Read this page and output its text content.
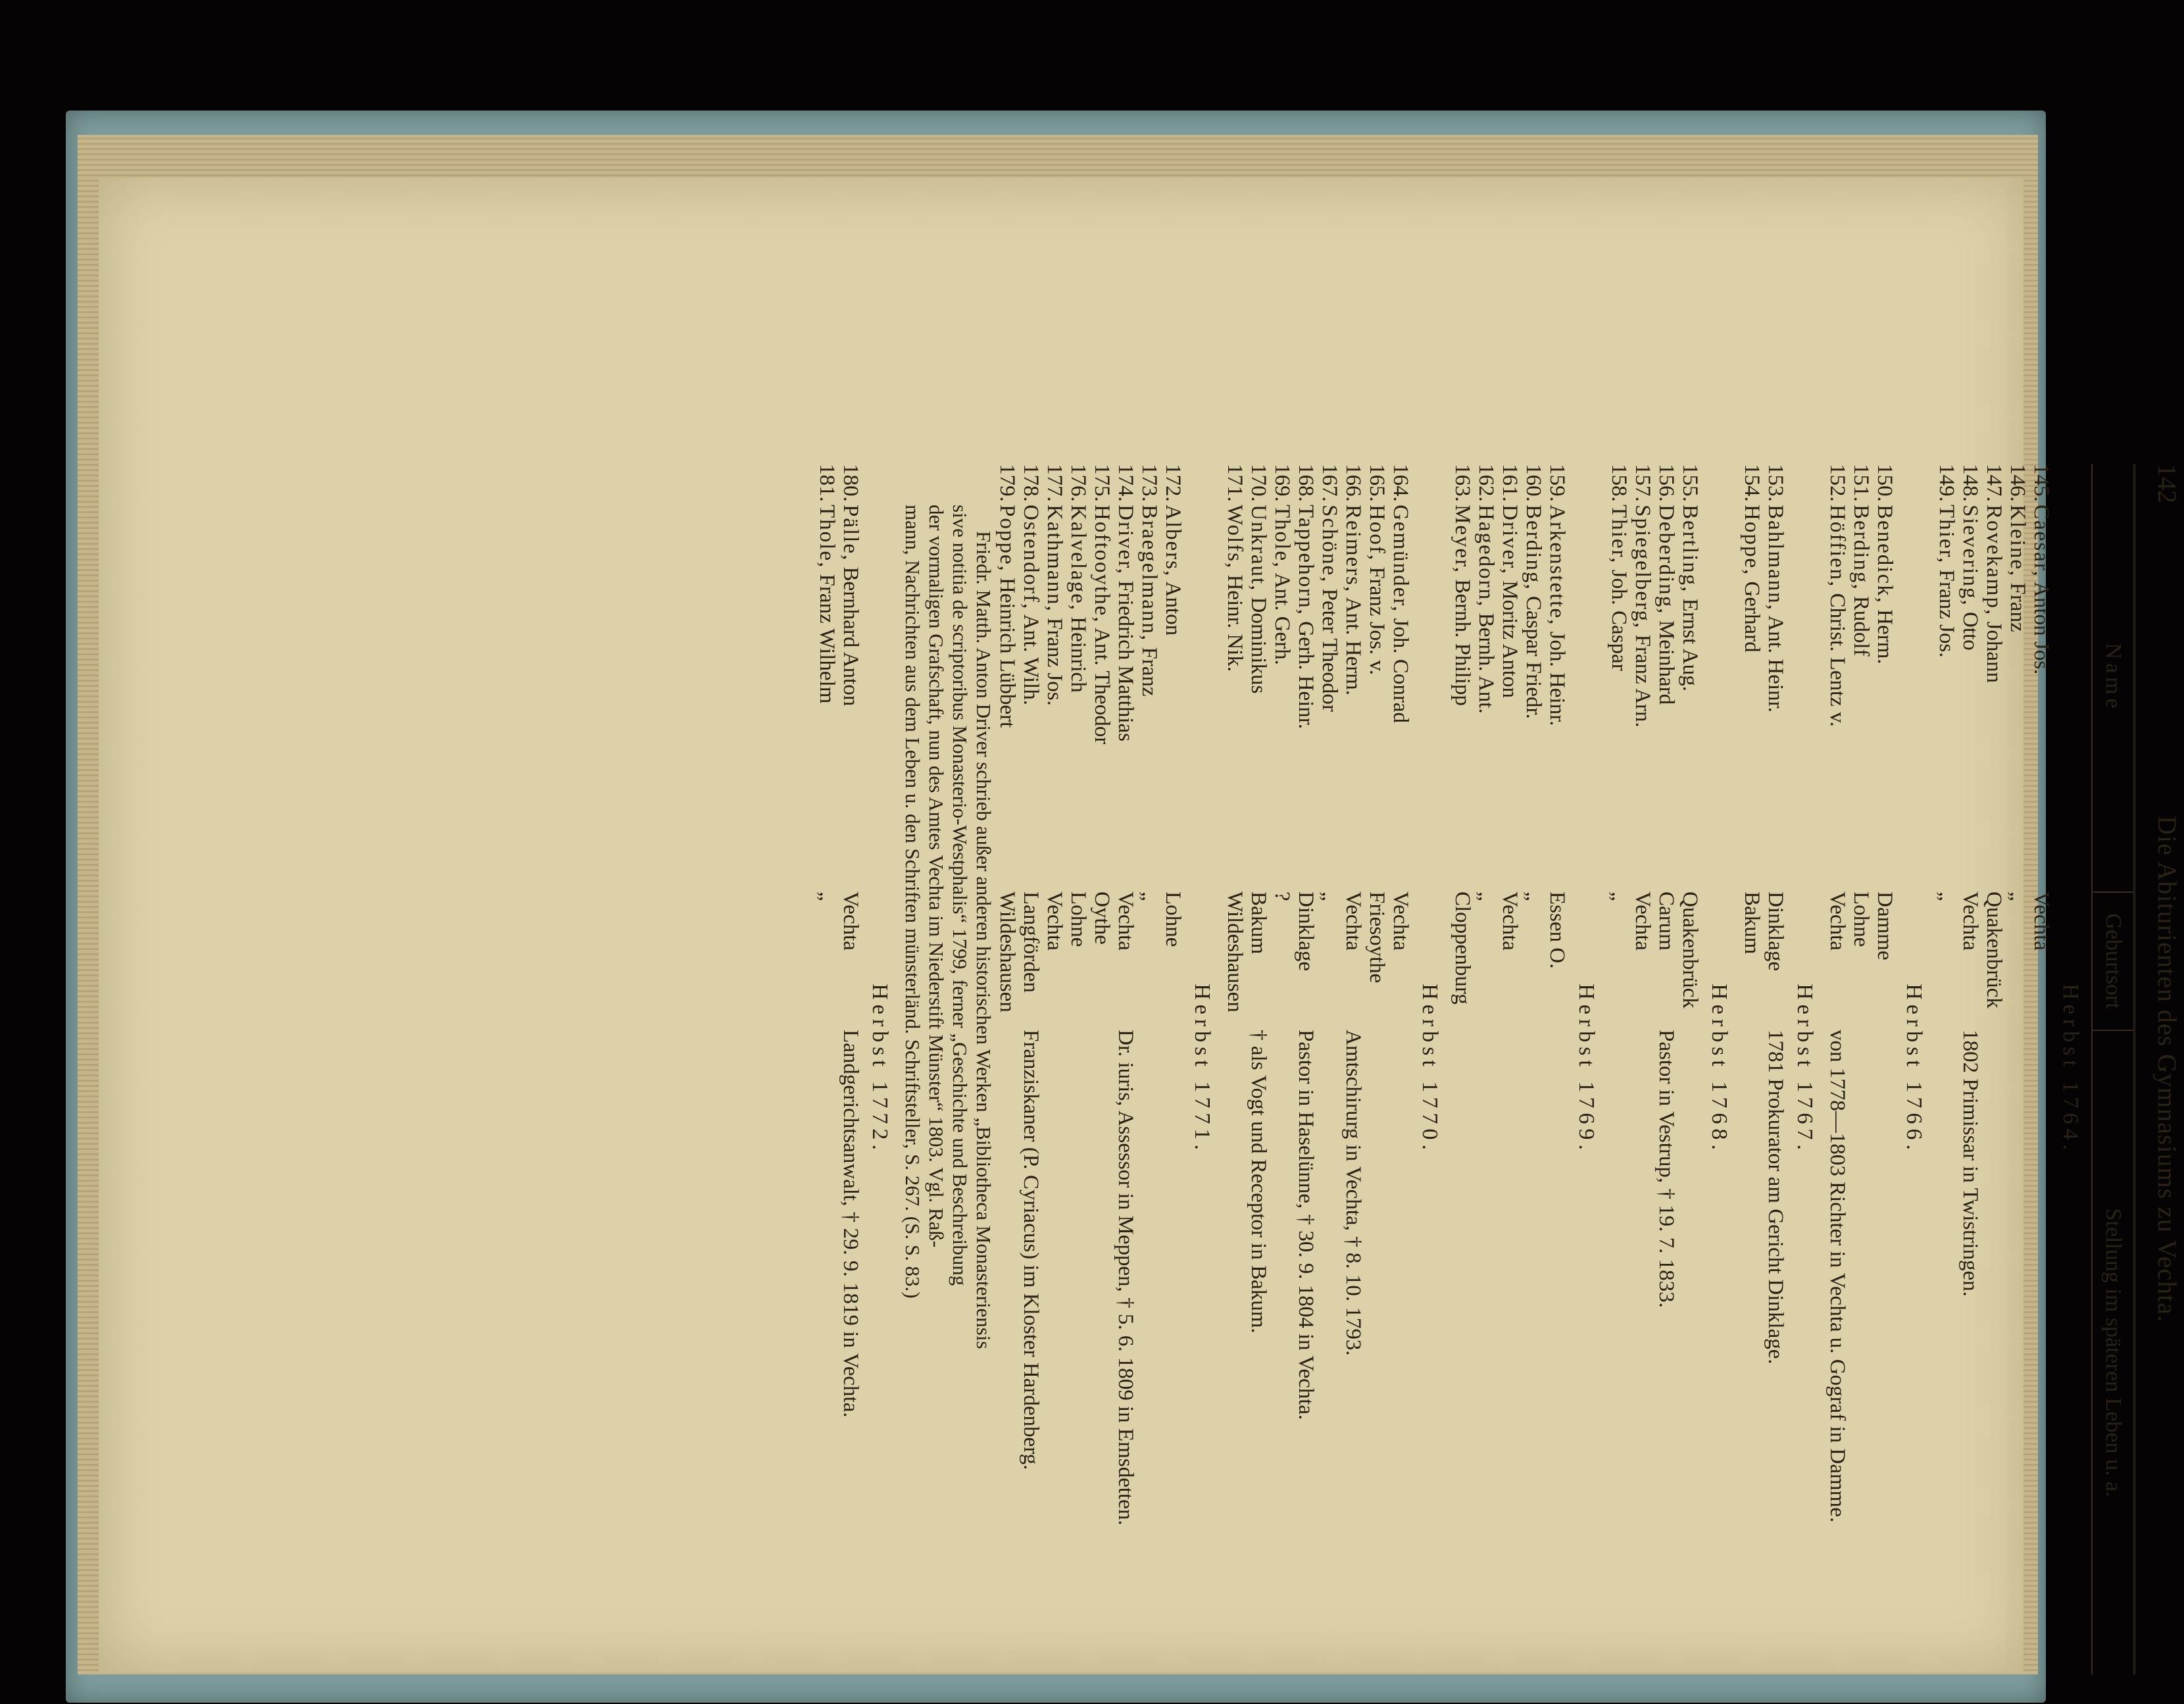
142
Die Abiturienten des Gymnasiums zu Vechta.
Name
Geburtsort
Stellung im späteren Leben u. a.
Herbst 1764.
145.Caesar, Anton Jos.
Vechta
146.Kleine, Franz
„
147.Rovekamp, Johann
Quakenbrück
148.Sievering, Otto
Vechta
1802 Primissar in Twistringen.
149.Thier, Franz Jos.
„
Herbst 1766.
150.Benedick, Herm.
Damme
151.Berding, Rudolf
Lohne
152.Höffien, Christ. Lentz v.
Vechta
von 1778—1803 Richter in Vechta u. Gograf in Damme.
Herbst 1767.
153.Bahlmann, Ant. Heinr.
Dinklage
1781 Prokurator am Gericht Dinklage.
154.Hoppe, Gerhard
Bakum
Herbst 1768.
155.Bertling, Ernst Aug.
Quakenbrück
156.Deberding, Meinhard
Carum
Pastor in Vestrup, † 19. 7. 1833.
157.Spiegelberg, Franz Arn.
Vechta
158.Thier, Joh. Caspar
„
Herbst 1769.
159.Arkenstette, Joh. Heinr.
Essen O.
160.Berding, Caspar Friedr.
„
161.Driver, Moritz Anton
Vechta
162.Hagedorn, Bernh. Ant.
„
163.Meyer, Bernh. Philipp
Cloppenburg
Herbst 1770.
164.Gemünder, Joh. Conrad
Vechta
165.Hoof, Franz Jos. v.
Friesoythe
166.Reimers, Ant. Herm.
Vechta
Amtschirurg in Vechta, † 8. 10. 1793.
167.Schöne, Peter Theodor
„
168.Tappehorn, Gerh. Heinr.
Dinklage
Pastor in Haselünne, † 30. 9. 1804 in Vechta.
169.Thole, Ant. Gerh.
?
170.Unkraut, Dominikus
Bakum
† als Vogt und Receptor in Bakum.
171.Wolfs, Heinr. Nik.
Wildeshausen
Herbst 1771.
172.Albers, Anton
Lohne
173.Braegelmann, Franz
„
174.Driver, Friedrich Matthias
Vechta
Dr. iuris, Assessor in Meppen, † 5. 6. 1809 in Emsdetten.
175.Hoftooythe, Ant. Theodor
Oythe
176.Kalvelage, Heinrich
Lohne
177.Kathmann, Franz Jos.
Vechta
178.Ostendorf, Ant. Wilh.
Langförden
Franziskaner (P. Cyriacus) im Kloster Hardenberg.
179.Poppe, Heinrich Lübbert
Wildeshausen
Friedr. Matth. Anton Driver schrieb außer anderen historischen Werken „Bibliotheca Monasteriensis
sive notitia de scriptoribus Monasterio-Westphalis“ 1799, ferner „Geschichte und Beschreibung
der vormaligen Grafschaft, nun des Amtes Vechta im Niederstift Münster“ 1803. Vgl. Raß-
mann, Nachrichten aus dem Leben u. den Schriften münsterländ. Schriftsteller, S. 267. (S. S. 83.)
Herbst 1772.
180.Pälle, Bernhard Anton
Vechta
Landgerichtsanwalt, † 29. 9. 1819 in Vechta.
181.Thole, Franz Wilhelm
„
